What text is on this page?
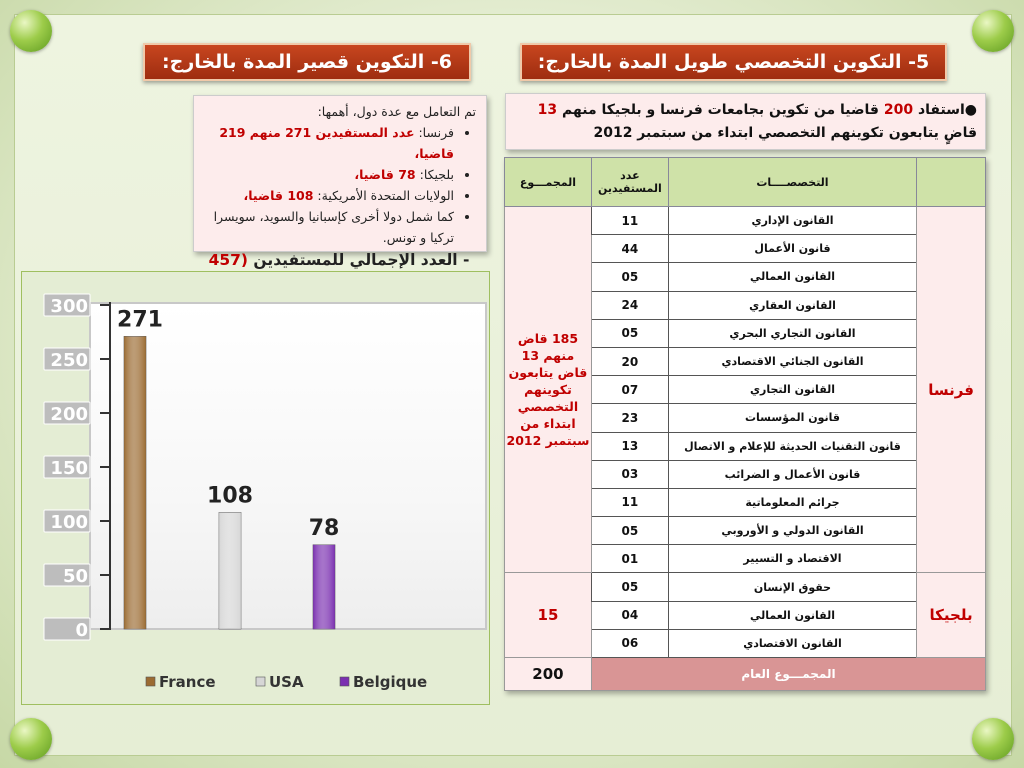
6- التكوين قصير المدة بالخارج:	5- التكوين التخصصي طويل المدة بالخارج:
●استفاد 200 قاضيا من تكوين بجامعات فرنسا و بلجيكا منهم 13 قاضٍ يتابعون تكوينهم التخصصي ابتداء من سبتمبر 2012
تم التعامل مع عدة دول، أهمها:
• فرنسا: عدد المستفيدين 271 منهم 219 قاضيا،
• بلجيكا: 78 قاضيا،
• الولايات المتحدة الأمريكية: 108 قاضيا،
• كما شمل دولا أخرى كإسبانيا والسويد، سويسرا تركيا و تونس.
- العدد الإجمالي للمستفيدين (457
	التخصصــــات	عدد المستفيدين	المجمـــوع
فرنسا	القانون الإداري	11	185 قاض منهم 13 قاض يتابعون تكوينهم التخصصي ابتداء من سبتمبر 2012
	قانون الأعمال	44	
	القانون العمالي	05	
	القانون العقاري	24	
	القانون التجاري البحري	05	
	القانون الجنائي الاقتصادي	20	
	القانون التجاري	07	
	قانون المؤسسات	23	
	قانون التقنيات الحديثة للإعلام و الاتصال	13	
	قانون الأعمال و الضرائب	03	
	جرائم المعلوماتية	11	
	القانون الدولي و الأوروبي	05	
	الاقتصاد و التسيير	01	
بلجيكا	حقوق الإنسان	05	15
	القانون العمالي	04	
	القانون الاقتصادي	06	
المجمـــوع العام			200
300
250
200
150
100
50
0
271
108
78
France	USA	Belgique
